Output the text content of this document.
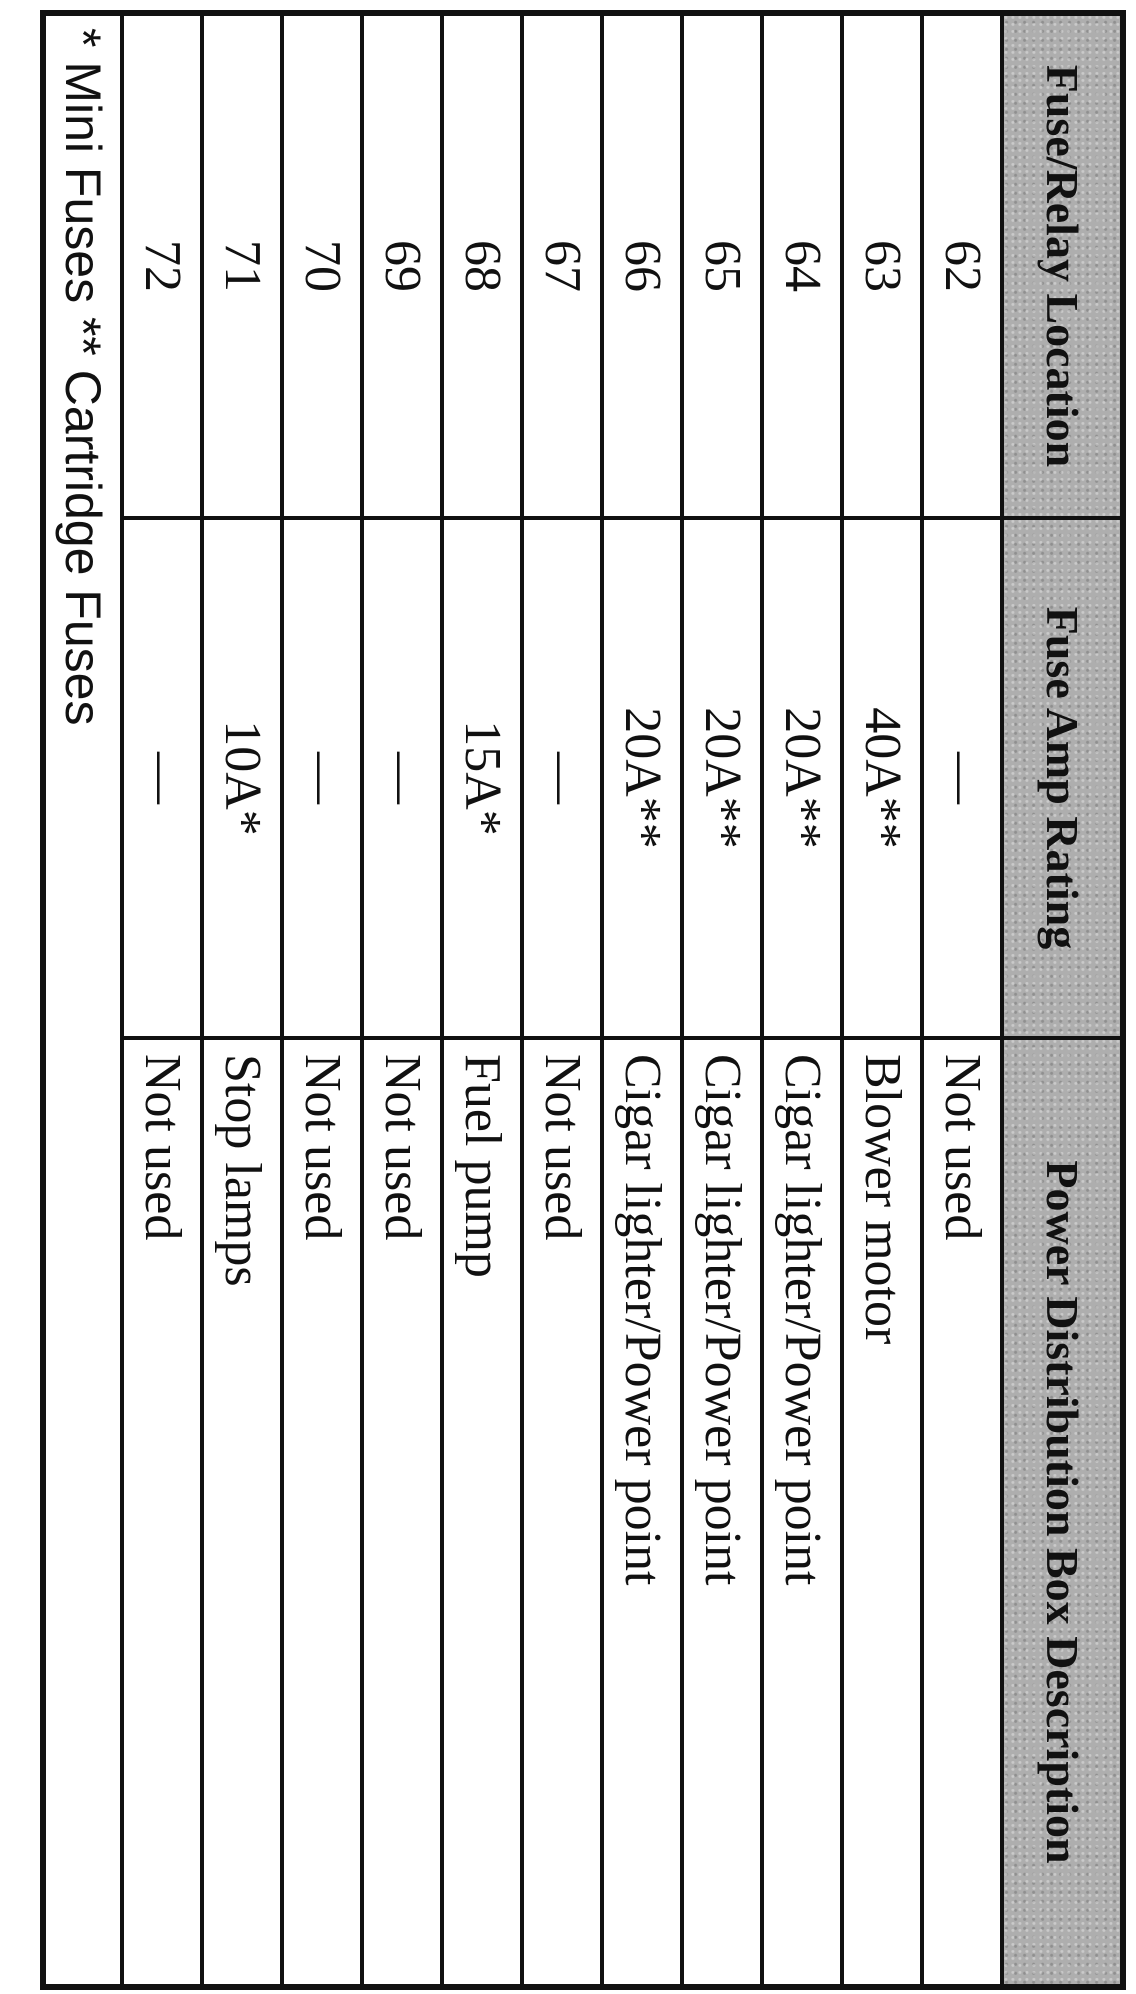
Fuse/Relay Location	Fuse Amp Rating	Power Distribution Box Description
62	—	Not used
63	40A**	Blower motor
64	20A**	Cigar lighter/Power point
65	20A**	Cigar lighter/Power point
66	20A**	Cigar lighter/Power point
67	—	Not used
68	15A*	Fuel pump
69	—	Not used
70	—	Not used
71	10A*	Stop lamps
72	—	Not used
* Mini Fuses ** Cartridge Fuses		
